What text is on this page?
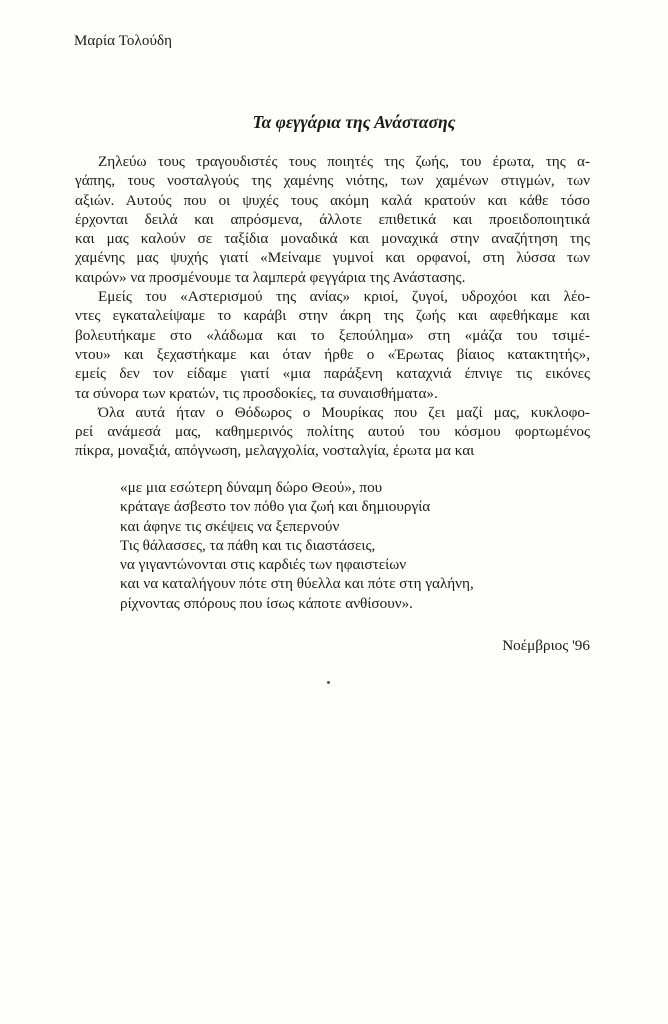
Μαρία Τολούδη
Τα φεγγάρια της Ανάστασης

Ζηλεύω τους τραγουδιστές τους ποιητές της ζωής, του έρωτα, της α-
γάπης, τους νοσταλγούς της χαμένης νιότης, των χαμένων στιγμών, των
αξιών. Αυτούς που οι ψυχές τους ακόμη καλά κρατούν και κάθε τόσο
έρχονται δειλά και απρόσμενα, άλλοτε επιθετικά και προειδοποιητικά
και μας καλούν σε ταξίδια μοναδικά και μοναχικά στην αναζήτηση της
χαμένης μας ψυχής γιατί «Μείναμε γυμνοί και ορφανοί, στη λύσσα των
καιρών» να προσμένουμε τα λαμπερά φεγγάρια της Ανάστασης.

Εμείς του «Αστερισμού της ανίας» κριοί, ζυγοί, υδροχόοι και λέο-
ντες εγκαταλείψαμε το καράβι στην άκρη της ζωής και αφεθήκαμε και
βολευτήκαμε στο «λάδωμα και το ξεπούλημα» στη «μάζα του τσιμέ-
ντου» και ξεχαστήκαμε και όταν ήρθε ο «Έρωτας βίαιος κατακτητής»,
εμείς δεν τον είδαμε γιατί «μια παράξενη καταχνιά έπνιγε τις εικόνες
τα σύνορα των κρατών, τις προσδοκίες, τα συναισθήματα».

Όλα αυτά ήταν ο Θόδωρος ο Μουρίκας που ζει μαζί μας, κυκλοφο-
ρεί ανάμεσά μας, καθημερινός πολίτης αυτού του κόσμου φορτωμένος
πίκρα, μοναξιά, απόγνωση, μελαγχολία, νοσταλγία, έρωτα μα και

«με μια εσώτερη δύναμη δώρο Θεού», που
κράταγε άσβεστο τον πόθο για ζωή και δημιουργία
και άφηνε τις σκέψεις να ξεπερνούν
Τις θάλασσες, τα πάθη και τις διαστάσεις,
να γιγαντώνονται στις καρδιές των ηφαιστείων
και να καταλήγουν πότε στη θύελλα και πότε στη γαλήνη,
ρίχνοντας σπόρους που ίσως κάποτε ανθίσουν».
Νοέμβριος '96
